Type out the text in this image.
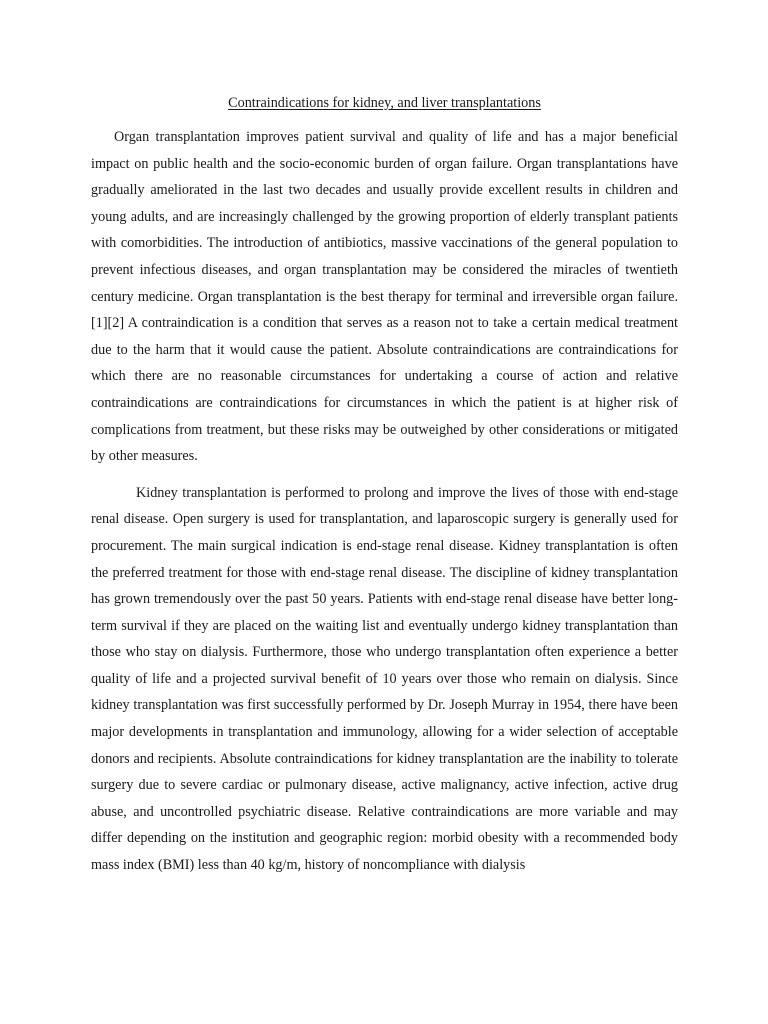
Contraindications for kidney, and liver transplantations

Organ transplantation improves patient survival and quality of life and has a major beneficial impact on public health and the socio-economic burden of organ failure. Organ transplantations have gradually ameliorated in the last two decades and usually provide excellent results in children and young adults, and are increasingly challenged by the growing proportion of elderly transplant patients with comorbidities. The introduction of antibiotics, massive vaccinations of the general population to prevent infectious diseases, and organ transplantation may be considered the miracles of twentieth century medicine. Organ transplantation is the best therapy for terminal and irreversible organ failure. [1][2] A contraindication is a condition that serves as a reason not to take a certain medical treatment due to the harm that it would cause the patient. Absolute contraindications are contraindications for which there are no reasonable circumstances for undertaking a course of action and relative contraindications are contraindications for circumstances in which the patient is at higher risk of complications from treatment, but these risks may be outweighed by other considerations or mitigated by other measures.

Kidney transplantation is performed to prolong and improve the lives of those with end-stage renal disease. Open surgery is used for transplantation, and laparoscopic surgery is generally used for procurement. The main surgical indication is end-stage renal disease. Kidney transplantation is often the preferred treatment for those with end-stage renal disease. The discipline of kidney transplantation has grown tremendously over the past 50 years. Patients with end-stage renal disease have better long-term survival if they are placed on the waiting list and eventually undergo kidney transplantation than those who stay on dialysis. Furthermore, those who undergo transplantation often experience a better quality of life and a projected survival benefit of 10 years over those who remain on dialysis. Since kidney transplantation was first successfully performed by Dr. Joseph Murray in 1954, there have been major developments in transplantation and immunology, allowing for a wider selection of acceptable donors and recipients. Absolute contraindications for kidney transplantation are the inability to tolerate surgery due to severe cardiac or pulmonary disease, active malignancy, active infection, active drug abuse, and uncontrolled psychiatric disease. Relative contraindications are more variable and may differ depending on the institution and geographic region: morbid obesity with a recommended body mass index (BMI) less than 40 kg/m, history of noncompliance with dialysis
